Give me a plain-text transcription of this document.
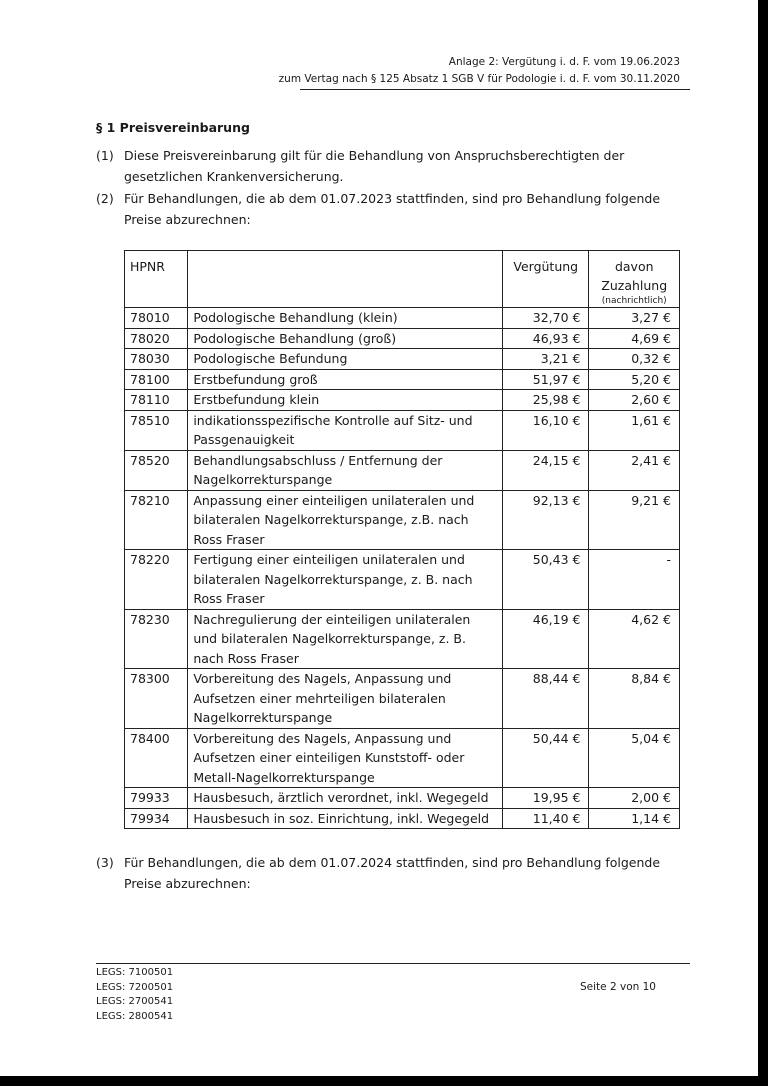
Anlage 2: Vergütung i. d. F. vom 19.06.2023
zum Vertag nach § 125 Absatz 1 SGB V für Podologie i. d. F. vom 30.11.2020
§ 1 Preisvereinbarung
(1) Diese Preisvereinbarung gilt für die Behandlung von Anspruchsberechtigten der gesetzlichen Krankenversicherung.
(2) Für Behandlungen, die ab dem 01.07.2023 stattfinden, sind pro Behandlung folgende Preise abzurechnen:
HPNR		Vergütung	davon Zuzahlung
(nachrichtlich)

78010	Podologische Behandlung (klein)	32,70 €	3,27 €
78020	Podologische Behandlung (groß)	46,93 €	4,69 €
78030	Podologische Befundung	3,21 €	0,32 €
78100	Erstbefundung groß	51,97 €	5,20 €
78110	Erstbefundung klein	25,98 €	2,60 €
78510	indikationsspezifische Kontrolle auf Sitz- und Passgenauigkeit	16,10 €	1,61 €
78520	Behandlungsabschluss / Entfernung der Nagelkorrekturspange	24,15 €	2,41 €
78210	Anpassung einer einteiligen unilateralen und bilateralen Nagelkorrekturspange, z.B. nach Ross Fraser	92,13 €	9,21 €
78220	Fertigung einer einteiligen unilateralen und bilateralen Nagelkorrekturspange, z. B. nach Ross Fraser	50,43 €	-
78230	Nachregulierung der einteiligen unilateralen und bilateralen Nagelkorrekturspange, z. B. nach Ross Fraser	46,19 €	4,62 €
78300	Vorbereitung des Nagels, Anpassung und Aufsetzen einer mehrteiligen bilateralen Nagelkorrekturspange	88,44 €	8,84 €
78400	Vorbereitung des Nagels, Anpassung und Aufsetzen einer einteiligen Kunststoff- oder Metall-Nagelkorrekturspange	50,44 €	5,04 €
79933	Hausbesuch, ärztlich verordnet, inkl. Wegegeld	19,95 €	2,00 €
79934	Hausbesuch in soz. Einrichtung, inkl. Wegegeld	11,40 €	1,14 €
(3) Für Behandlungen, die ab dem 01.07.2024 stattfinden, sind pro Behandlung folgende Preise abzurechnen:
LEGS: 7100501
LEGS: 7200501
LEGS: 2700541
LEGS: 2800541
Seite 2 von 10
